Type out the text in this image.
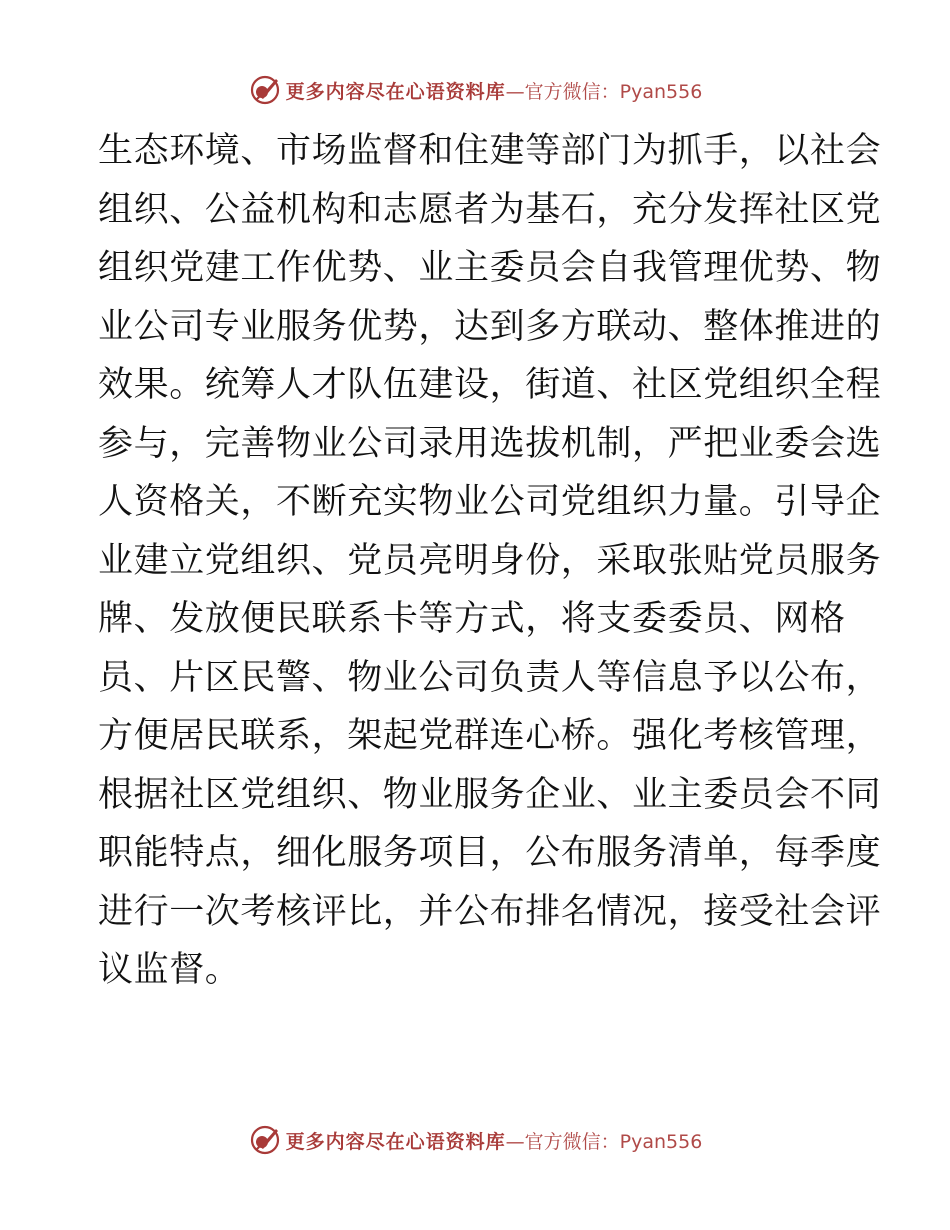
更多内容尽在心语资料库 —官方微信：Pyan556
生态环境、市场监督和住建等部门为抓手，以社会
组织、公益机构和志愿者为基石，充分发挥社区党
组织党建工作优势、业主委员会自我管理优势、物
业公司专业服务优势，达到多方联动、整体推进的
效果。统筹人才队伍建设，街道、社区党组织全程
参与，完善物业公司录用选拔机制，严把业委会选
人资格关，不断充实物业公司党组织力量。引导企
业建立党组织、党员亮明身份，采取张贴党员服务
牌、发放便民联系卡等方式，将支委委员、网格
员、片区民警、物业公司负责人等信息予以公布，
方便居民联系，架起党群连心桥。强化考核管理，
根据社区党组织、物业服务企业、业主委员会不同
职能特点，细化服务项目，公布服务清单，每季度
进行一次考核评比，并公布排名情况，接受社会评
议监督。
更多内容尽在心语资料库 —官方微信：Pyan556
